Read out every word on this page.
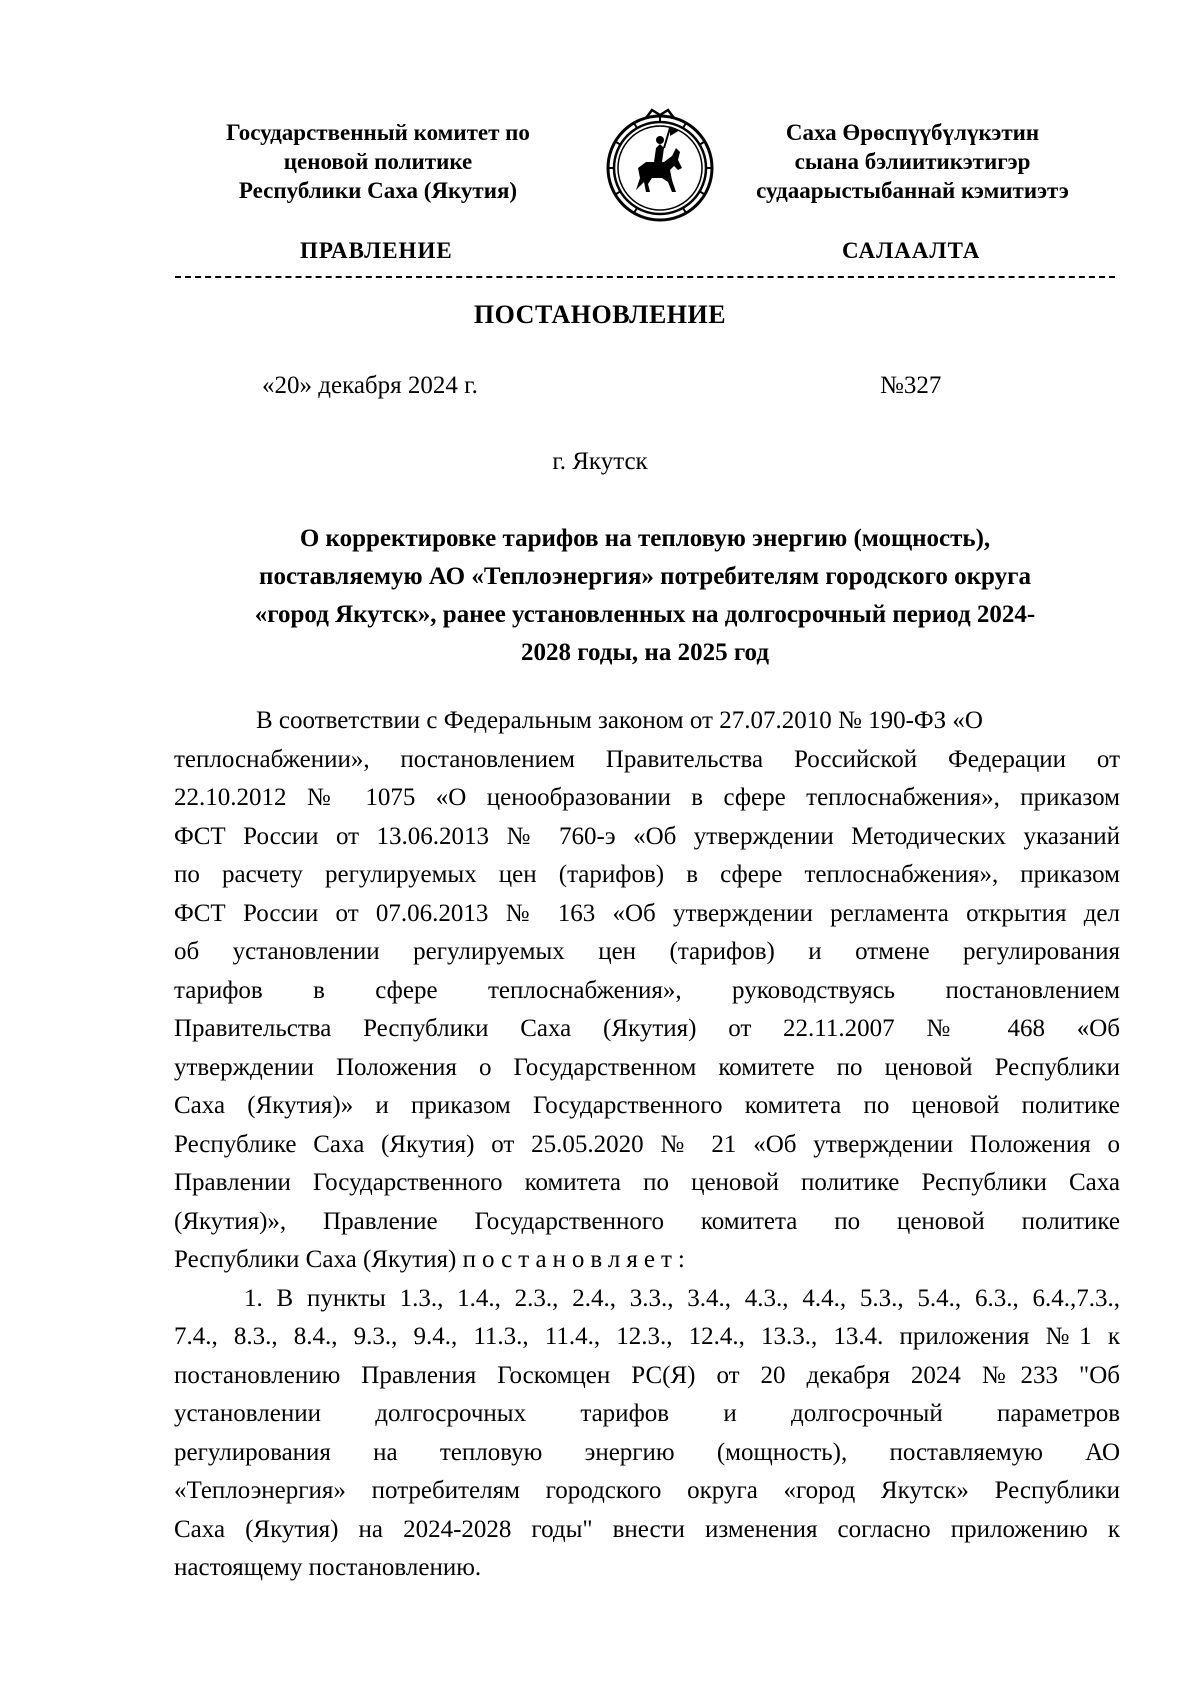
Государственный комитет по
ценовой политике
Республики Саха (Якутия)
Саха Өрөспүүбүлүкэтин
сыана бэлиитикэтигэр
судаарыстыбаннай кэмитиэтэ
ПРАВЛЕНИЕ	САЛААЛТА
ПОСТАНОВЛЕНИЕ
«20» декабря 2024 г.	№327
г. Якутск
О корректировке тарифов на тепловую энергию (мощность),
поставляемую АО «Теплоэнергия» потребителям городского округа
«город Якутск», ранее установленных на долгосрочный период 2024-
2028 годы, на 2025 год
В соответствии с Федеральным законом от 27.07.2010 № 190-ФЗ «О
теплоснабжении», постановлением Правительства Российской Федерации от
22.10.2012 № 1075 «О ценообразовании в сфере теплоснабжения», приказом
ФСТ России от 13.06.2013 № 760-э «Об утверждении Методических указаний
по расчету регулируемых цен (тарифов) в сфере теплоснабжения», приказом
ФСТ России от 07.06.2013 № 163 «Об утверждении регламента открытия дел
об установлении регулируемых цен (тарифов) и отмене регулирования
тарифов в сфере теплоснабжения», руководствуясь постановлением
Правительства Республики Саха (Якутия) от 22.11.2007 № 468 «Об
утверждении Положения о Государственном комитете по ценовой Республики
Саха (Якутия)» и приказом Государственного комитета по ценовой политике
Республике Саха (Якутия) от 25.05.2020 № 21 «Об утверждении Положения о
Правлении Государственного комитета по ценовой политике Республики Саха
(Якутия)», Правление Государственного комитета по ценовой политике
Республики Саха (Якутия) постановляет:
1. В пункты 1.3., 1.4., 2.3., 2.4., 3.3., 3.4., 4.3., 4.4., 5.3., 5.4., 6.3., 6.4.,7.3.,
7.4., 8.3., 8.4., 9.3., 9.4., 11.3., 11.4., 12.3., 12.4., 13.3., 13.4. приложения №1 к
постановлению Правления Госкомцен РС(Я) от 20 декабря 2024 №233 "Об
установлении долгосрочных тарифов и долгосрочный параметров
регулирования на тепловую энергию (мощность), поставляемую АО
«Теплоэнергия» потребителям городского округа «город Якутск» Республики
Саха (Якутия) на 2024-2028 годы" внести изменения согласно приложению к
настоящему постановлению.
